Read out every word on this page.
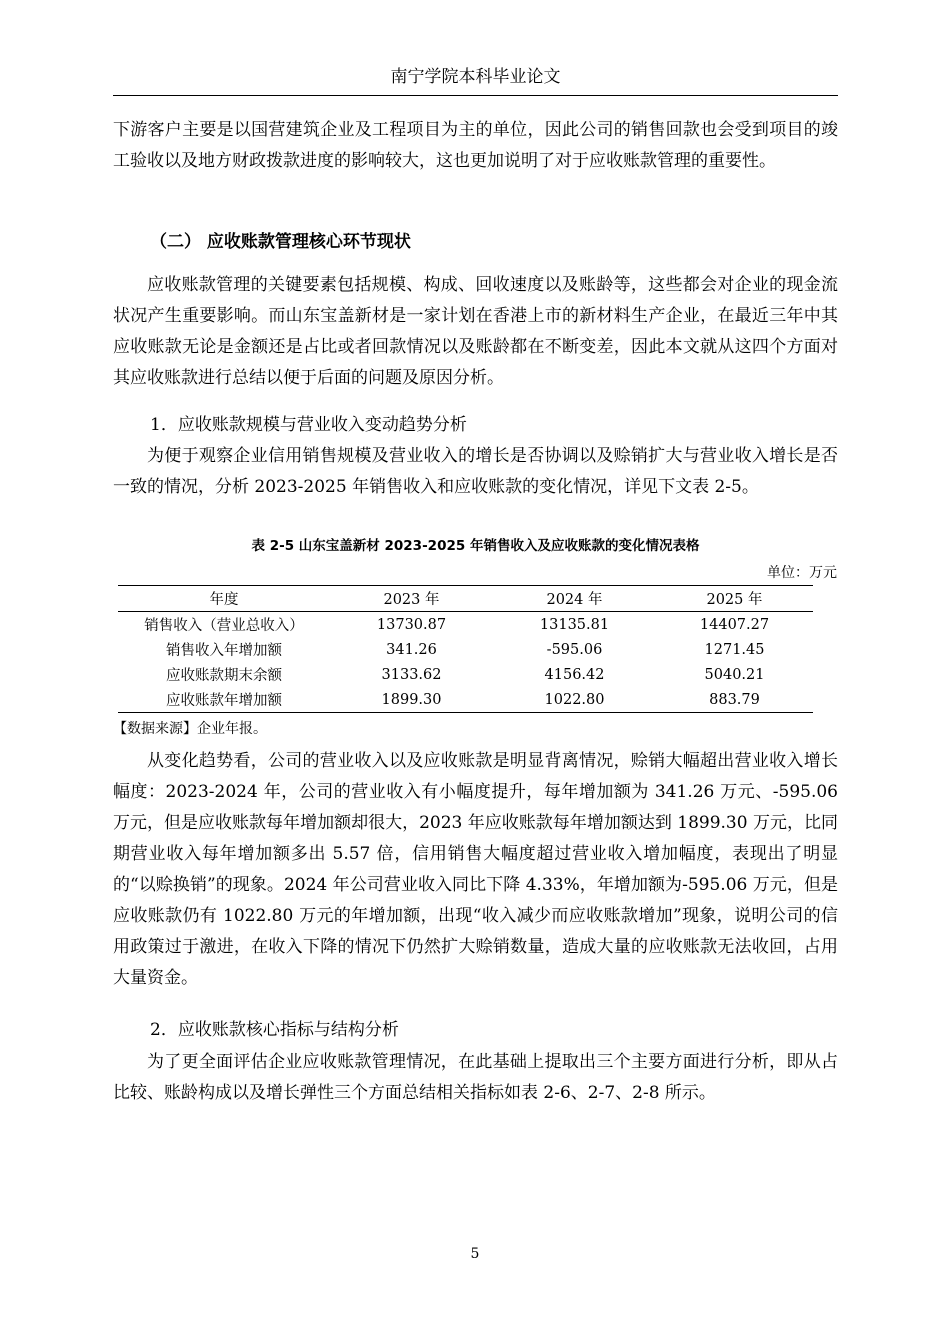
南宁学院本科毕业论文

下游客户主要是以国营建筑企业及工程项目为主的单位，因此公司的销售回款也会受到项目的竣工验收以及地方财政拨款进度的影响较大，这也更加说明了对于应收账款管理的重要性。

（二） 应收账款管理核心环节现状

应收账款管理的关键要素包括规模、构成、回收速度以及账龄等，这些都会对企业的现金流状况产生重要影响。而山东宝盖新材是一家计划在香港上市的新材料生产企业，在最近三年中其应收账款无论是金额还是占比或者回款情况以及账龄都在不断变差，因此本文就从这四个方面对其应收账款进行总结以便于后面的问题及原因分析。

1．应收账款规模与营业收入变动趋势分析

为便于观察企业信用销售规模及营业收入的增长是否协调以及赊销扩大与营业收入增长是否一致的情况，分析 2023-2025 年销售收入和应收账款的变化情况，详见下文表 2-5。

表 2-5 山东宝盖新材 2023-2025 年销售收入及应收账款的变化情况表格
单位：万元
年度	2023 年	2024 年	2025 年
销售收入（营业总收入）	13730.87	13135.81	14407.27
销售收入年增加额	341.26	-595.06	1271.45
应收账款期末余额	3133.62	4156.42	5040.21
应收账款年增加额	1899.30	1022.80	883.79
【数据来源】企业年报。

从变化趋势看，公司的营业收入以及应收账款是明显背离情况，赊销大幅超出营业收入增长幅度：2023-2024 年，公司的营业收入有小幅度提升，每年增加额为 341.26 万元、-595.06 万元，但是应收账款每年增加额却很大，2023 年应收账款每年增加额达到 1899.30 万元，比同期营业收入每年增加额多出 5.57 倍，信用销售大幅度超过营业收入增加幅度，表现出了明显的“以赊换销”的现象。2024 年公司营业收入同比下降 4.33%，年增加额为-595.06 万元，但是应收账款仍有 1022.80 万元的年增加额，出现“收入减少而应收账款增加”现象，说明公司的信用政策过于激进，在收入下降的情况下仍然扩大赊销数量，造成大量的应收账款无法收回，占用大量资金。

2．应收账款核心指标与结构分析

为了更全面评估企业应收账款管理情况，在此基础上提取出三个主要方面进行分析，即从占比较、账龄构成以及增长弹性三个方面总结相关指标如表 2-6、2-7、2-8 所示。

5
